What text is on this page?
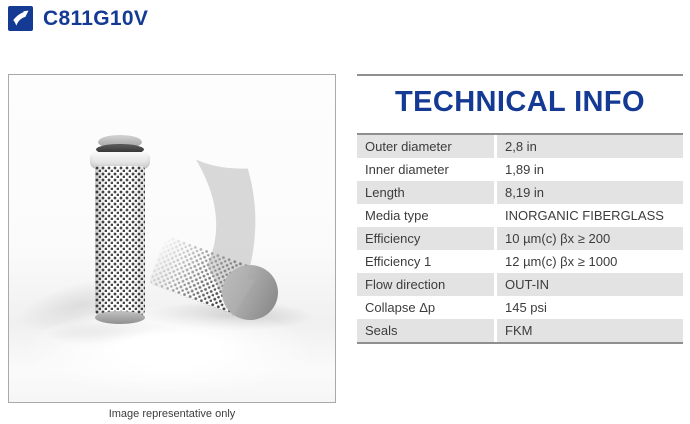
C811G10V
Image representative only
TECHNICAL INFO
Outer diameter	2,8 in
Inner diameter	1,89 in
Length	8,19 in
Media type	INORGANIC FIBERGLASS
Efficiency	10 µm(c) βx ≥ 200
Efficiency 1	12 µm(c) βx ≥ 1000
Flow direction	OUT-IN
Collapse Δp	145 psi
Seals	FKM
